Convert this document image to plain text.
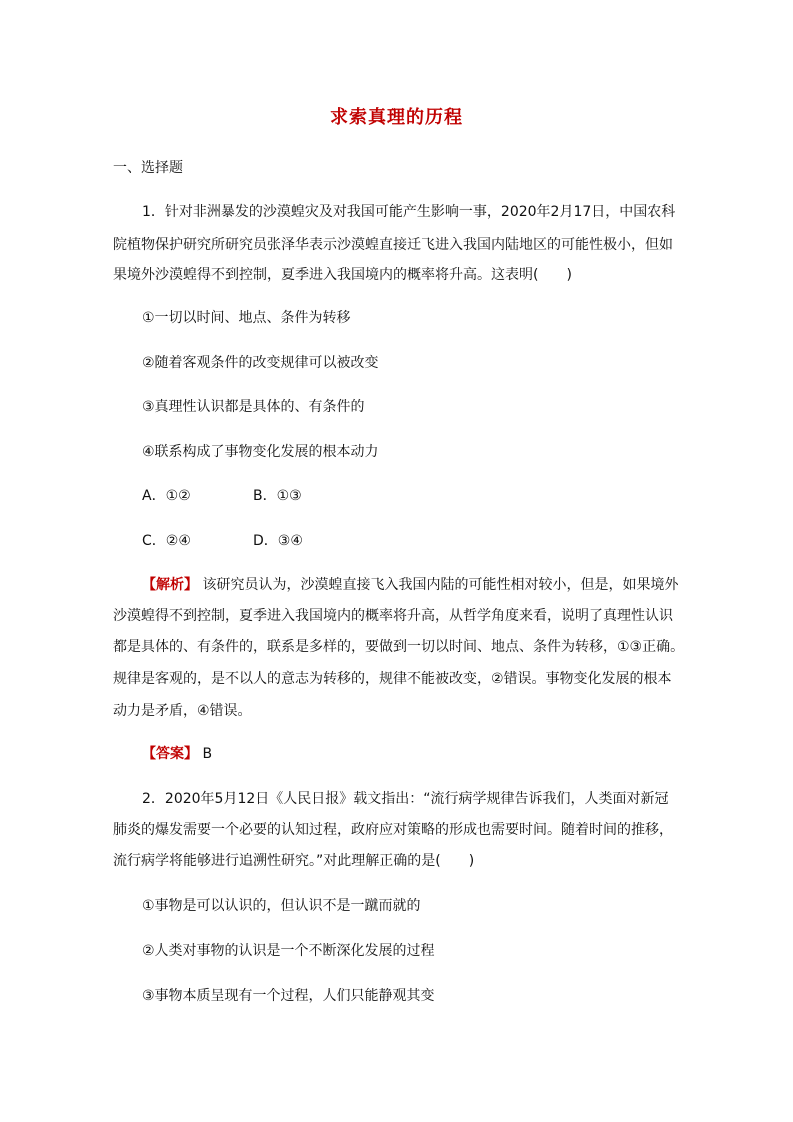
求索真理的历程
一、选择题
1．针对非洲暴发的沙漠蝗灾及对我国可能产生影响一事，2020年2月17日，中国农科
院植物保护研究所研究员张泽华表示沙漠蝗直接迁飞进入我国内陆地区的可能性极小，但如
果境外沙漠蝗得不到控制，夏季进入我国境内的概率将升高。这表明(　　)
①一切以时间、地点、条件为转移
②随着客观条件的改变规律可以被改变
③真理性认识都是具体的、有条件的
④联系构成了事物变化发展的根本动力
A．①②	B．①③
C．②④	D．③④
【解析】 该研究员认为，沙漠蝗直接飞入我国内陆的可能性相对较小，但是，如果境外
沙漠蝗得不到控制，夏季进入我国境内的概率将升高，从哲学角度来看，说明了真理性认识
都是具体的、有条件的，联系是多样的，要做到一切以时间、地点、条件为转移，①③正确。
规律是客观的，是不以人的意志为转移的，规律不能被改变，②错误。事物变化发展的根本
动力是矛盾，④错误。
【答案】 B
2．2020年5月12日《人民日报》载文指出：“流行病学规律告诉我们，人类面对新冠
肺炎的爆发需要一个必要的认知过程，政府应对策略的形成也需要时间。随着时间的推移，
流行病学将能够进行追溯性研究。”对此理解正确的是(　　)
①事物是可以认识的，但认识不是一蹴而就的
②人类对事物的认识是一个不断深化发展的过程
③事物本质呈现有一个过程，人们只能静观其变
